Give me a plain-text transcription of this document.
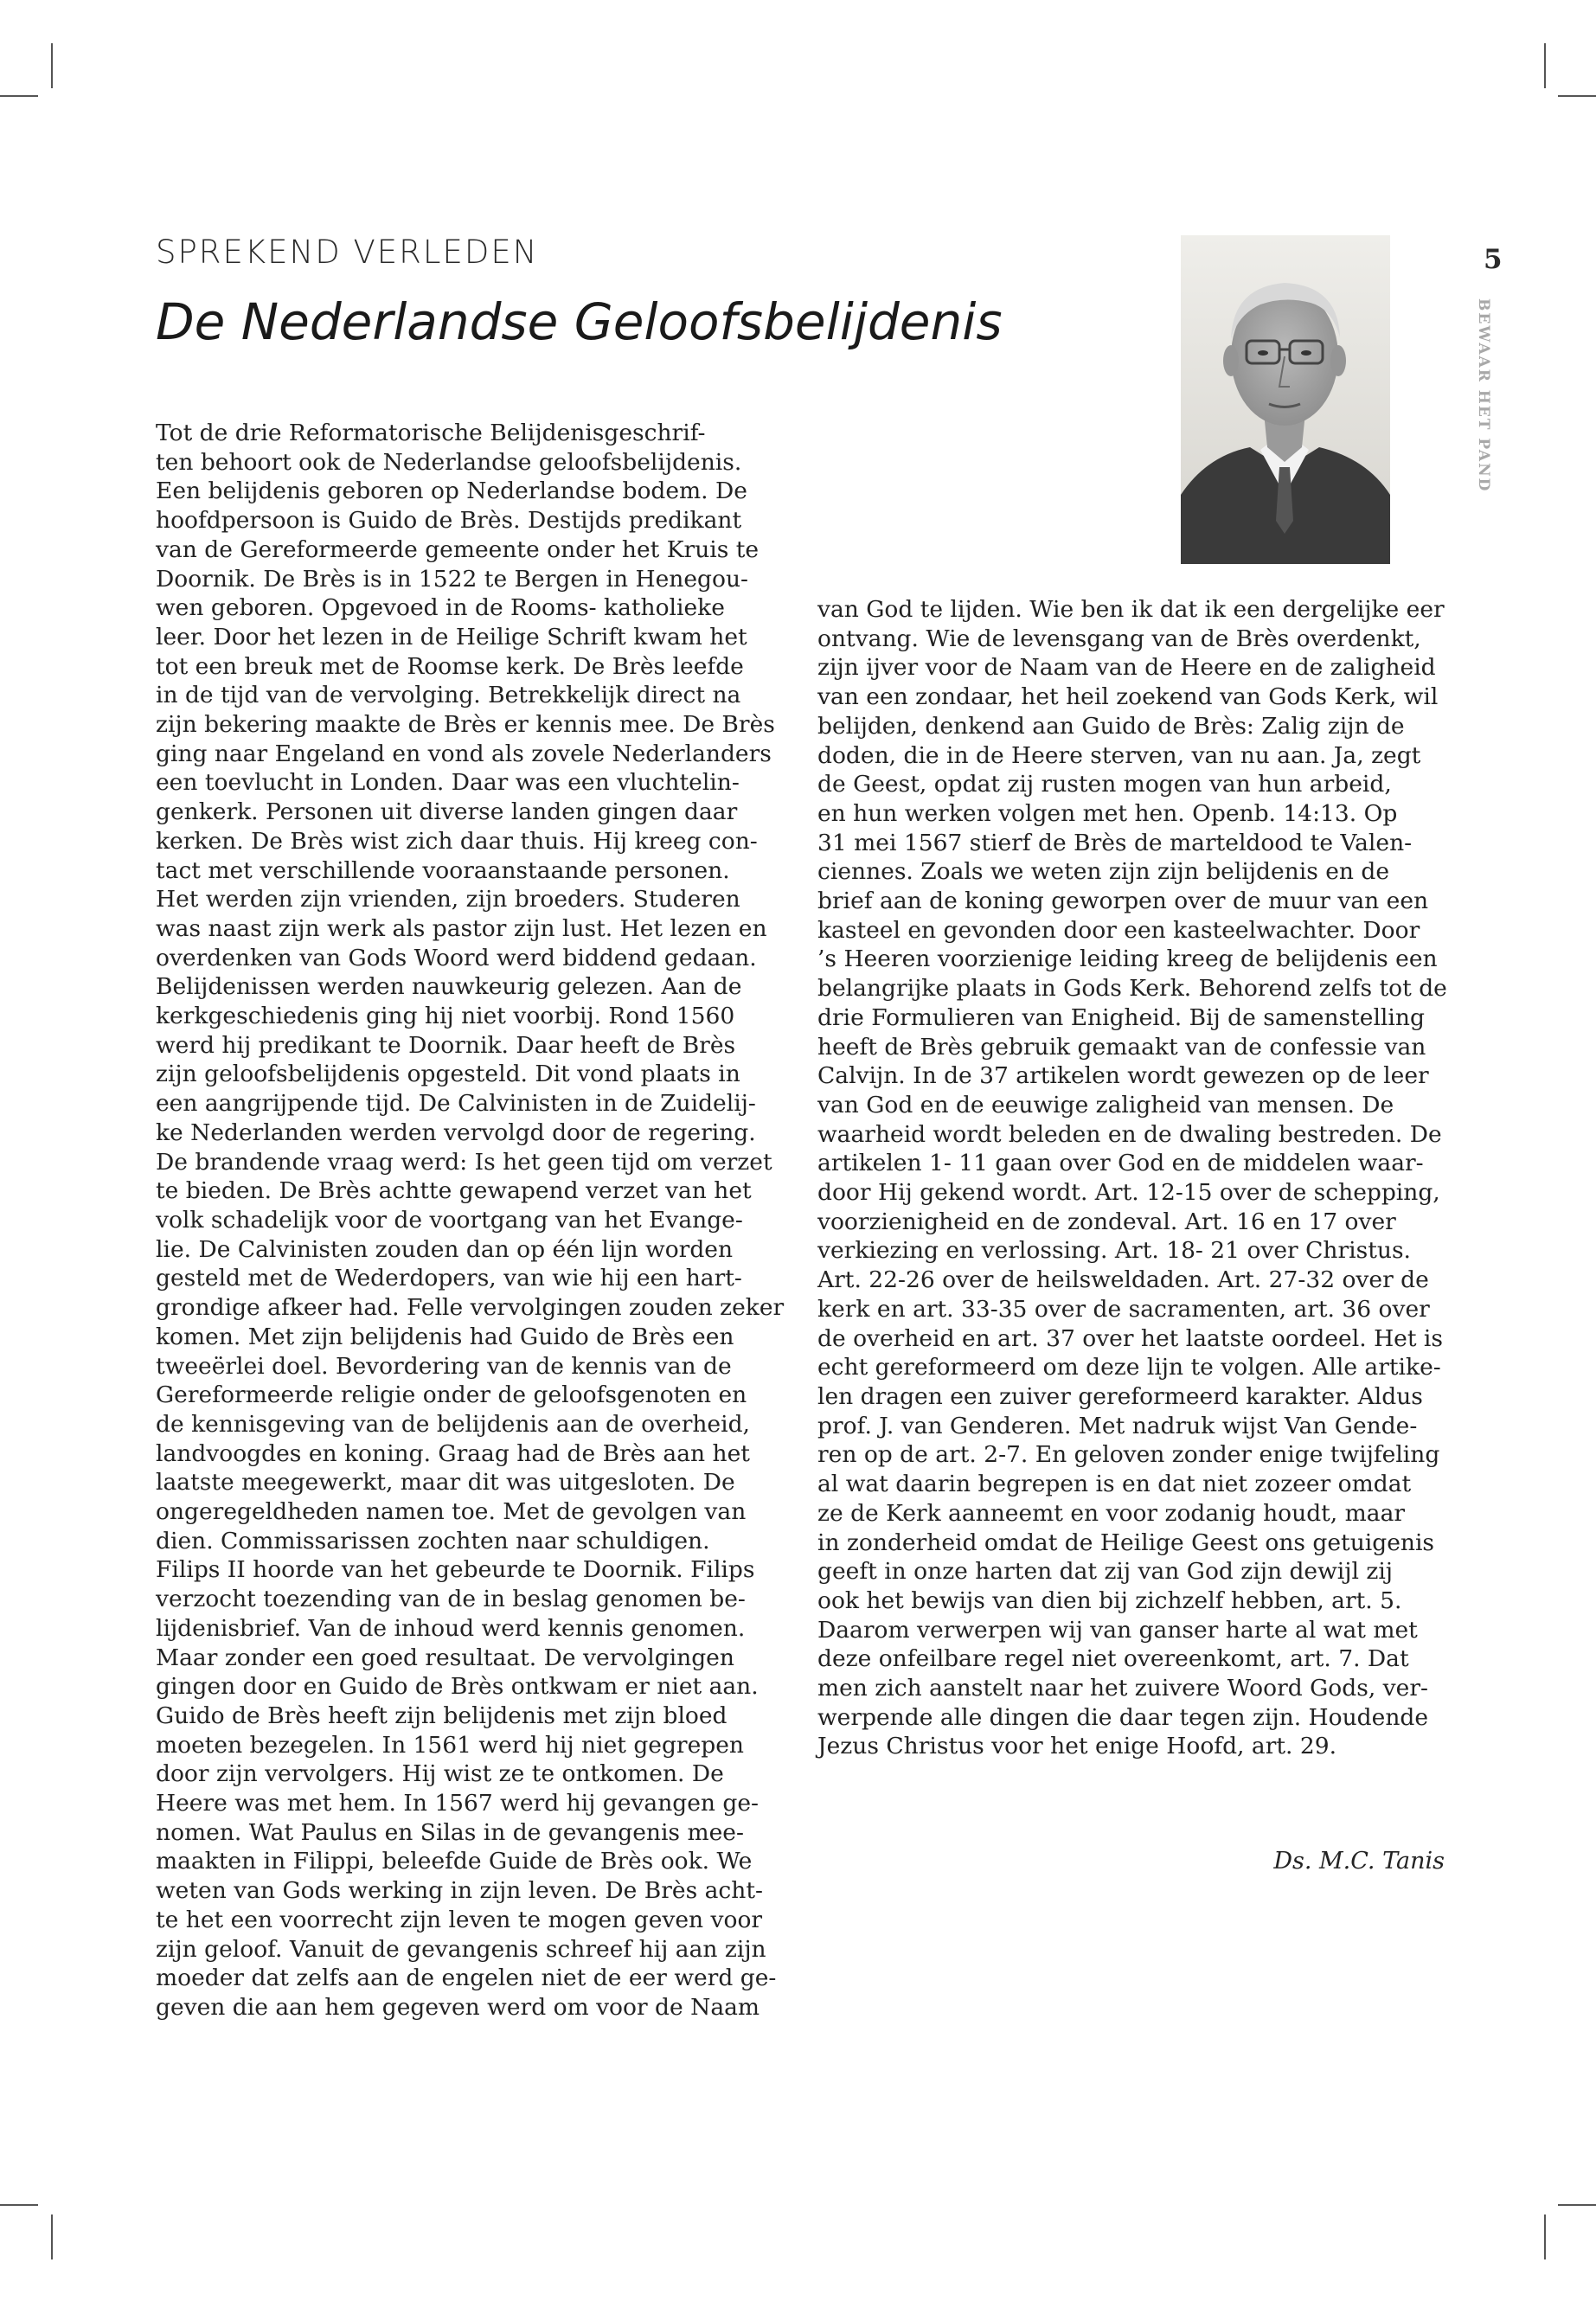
SPREKEND VERLEDEN
De Nederlandse Geloofsbelijdenis
5
BEWAAR HET PAND

Tot de drie Reformatorische Belijdenisgeschrif-

ten behoort ook de Nederlandse geloofsbelijdenis.

Een belijdenis geboren op Nederlandse bodem. De

hoofdpersoon is Guido de Brès. Destijds predikant

van de Gereformeerde gemeente onder het Kruis te

Doornik. De Brès is in 1522 te Bergen in Henegou-

wen geboren. Opgevoed in de Rooms- katholieke

leer. Door het lezen in de Heilige Schrift kwam het

tot een breuk met de Roomse kerk. De Brès leefde

in de tijd van de vervolging. Betrekkelijk direct na

zijn bekering maakte de Brès er kennis mee. De Brès

ging naar Engeland en vond als zovele Nederlanders

een toevlucht in Londen. Daar was een vluchtelin-

genkerk. Personen uit diverse landen gingen daar

kerken. De Brès wist zich daar thuis. Hij kreeg con-

tact met verschillende vooraanstaande personen.

Het werden zijn vrienden, zijn broeders. Studeren

was naast zijn werk als pastor zijn lust. Het lezen en

overdenken van Gods Woord werd biddend gedaan.

Belijdenissen werden nauwkeurig gelezen. Aan de

kerkgeschiedenis ging hij niet voorbij. Rond 1560

werd hij predikant te Doornik. Daar heeft de Brès

zijn geloofsbelijdenis opgesteld. Dit vond plaats in

een aangrijpende tijd. De Calvinisten in de Zuidelij-

ke Nederlanden werden vervolgd door de regering.

De brandende vraag werd: Is het geen tijd om verzet

te bieden. De Brès achtte gewapend verzet van het

volk schadelijk voor de voortgang van het Evange-

lie. De Calvinisten zouden dan op één lijn worden

gesteld met de Wederdopers, van wie hij een hart-

grondige afkeer had. Felle vervolgingen zouden zeker

komen. Met zijn belijdenis had Guido de Brès een

tweeërlei doel. Bevordering van de kennis van de

Gereformeerde religie onder de geloofsgenoten en

de kennisgeving van de belijdenis aan de overheid,

landvoogdes en koning. Graag had de Brès aan het

laatste meegewerkt, maar dit was uitgesloten. De

ongeregeldheden namen toe. Met de gevolgen van

dien. Commissarissen zochten naar schuldigen.

Filips II hoorde van het gebeurde te Doornik. Filips

verzocht toezending van de in beslag genomen be-

lijdenisbrief. Van de inhoud werd kennis genomen.

Maar zonder een goed resultaat. De vervolgingen

gingen door en Guido de Brès ontkwam er niet aan.

Guido de Brès heeft zijn belijdenis met zijn bloed

moeten bezegelen. In 1561 werd hij niet gegrepen

door zijn vervolgers. Hij wist ze te ontkomen. De

Heere was met hem. In 1567 werd hij gevangen ge-

nomen. Wat Paulus en Silas in de gevangenis mee-

maakten in Filippi, beleefde Guide de Brès ook. We

weten van Gods werking in zijn leven. De Brès acht-

te het een voorrecht zijn leven te mogen geven voor

zijn geloof. Vanuit de gevangenis schreef hij aan zijn

moeder dat zelfs aan de engelen niet de eer werd ge-

geven die aan hem gegeven werd om voor de Naam

van God te lijden. Wie ben ik dat ik een dergelijke eer

ontvang. Wie de levensgang van de Brès overdenkt,

zijn ijver voor de Naam van de Heere en de zaligheid

van een zondaar, het heil zoekend van Gods Kerk, wil

belijden, denkend aan Guido de Brès: Zalig zijn de

doden, die in de Heere sterven, van nu aan. Ja, zegt

de Geest, opdat zij rusten mogen van hun arbeid,

en hun werken volgen met hen. Openb. 14:13. Op

31 mei 1567 stierf de Brès de marteldood te Valen-

ciennes. Zoals we weten zijn zijn belijdenis en de

brief aan de koning geworpen over de muur van een

kasteel en gevonden door een kasteelwachter. Door

’s Heeren voorzienige leiding kreeg de belijdenis een

belangrijke plaats in Gods Kerk. Behorend zelfs tot de

drie Formulieren van Enigheid. Bij de samenstelling

heeft de Brès gebruik gemaakt van de confessie van

Calvijn. In de 37 artikelen wordt gewezen op de leer

van God en de eeuwige zaligheid van mensen. De

waarheid wordt beleden en de dwaling bestreden. De

artikelen 1- 11 gaan over God en de middelen waar-

door Hij gekend wordt. Art. 12-15 over de schepping,

voorzienigheid en de zondeval. Art. 16 en 17 over

verkiezing en verlossing. Art. 18- 21 over Christus.

Art. 22-26 over de heilsweldaden. Art. 27-32 over de

kerk en art. 33-35 over de sacramenten, art. 36 over

de overheid en art. 37 over het laatste oordeel. Het is

echt gereformeerd om deze lijn te volgen. Alle artike-

len dragen een zuiver gereformeerd karakter. Aldus

prof. J. van Genderen. Met nadruk wijst Van Gende-

ren op de art. 2-7. En geloven zonder enige twijfeling

al wat daarin begrepen is en dat niet zozeer omdat

ze de Kerk aanneemt en voor zodanig houdt, maar

in zonderheid omdat de Heilige Geest ons getuigenis

geeft in onze harten dat zij van God zijn dewijl zij

ook het bewijs van dien bij zichzelf hebben, art. 5.

Daarom verwerpen wij van ganser harte al wat met

deze onfeilbare regel niet overeenkomt, art. 7. Dat

men zich aanstelt naar het zuivere Woord Gods, ver-

werpende alle dingen die daar tegen zijn. Houdende

Jezus Christus voor het enige Hoofd, art. 29.

Ds. M.C. Tanis
